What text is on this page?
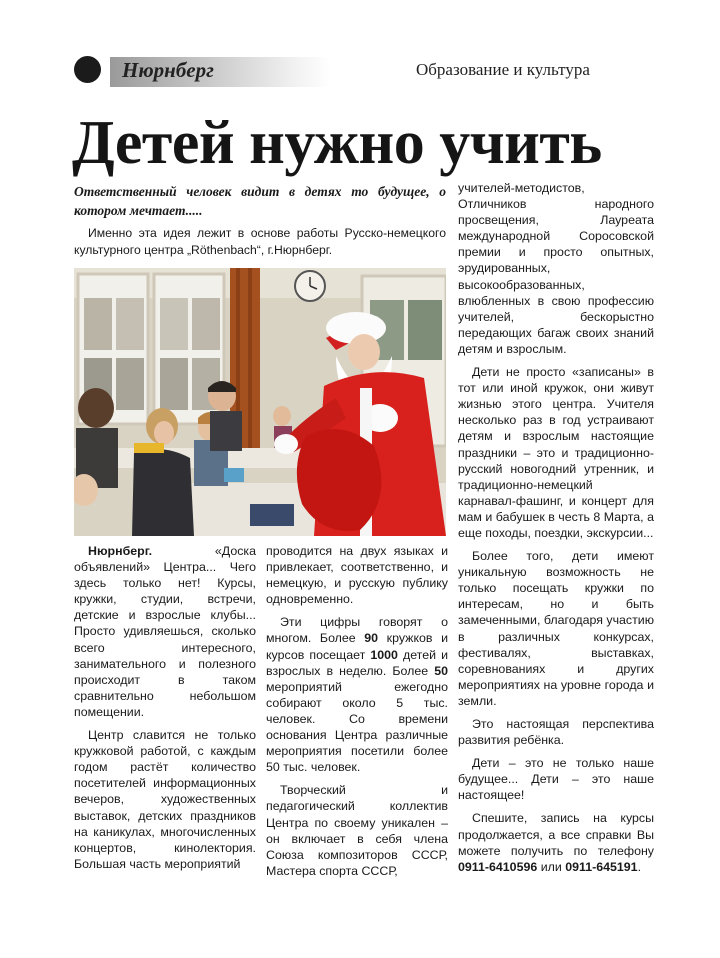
Нюрнберг	Образование и культура
Детей нужно учить
Ответственный человек видит в детях то будущее, о котором мечтает.....
Именно эта идея лежит в основе работы Русско-немецкого культурного центра „Röthenbach“, г.Нюрнберг.

Нюрнберг. «Доска объявлений» Центра... Чего здесь только нет! Курсы, кружки, студии, встречи, детские и взрослые клубы... Просто удивляешься, сколько всего интересного, занимательного и полезного происходит в таком сравнительно небольшом помещении.

Центр славится не только кружковой работой, с каждым годом растёт количество посетителей информационных вечеров, художественных выставок, детских праздников на каникулах, многочисленных концертов, кинолектория. Большая часть мероприятий

проводится на двух языках и привлекает, соответственно, и немецкую, и русскую публику одновременно.

Эти цифры говорят о многом. Более 90 кружков и курсов посещает 1000 детей и взрослых в неделю. Более 50 мероприятий ежегодно собирают около 5 тыс. человек. Со времени основания Центра различные мероприятия посетили более 50 тыс. человек.

Творческий и педагогический коллектив Центра по своему уникален – он включает в себя члена Союза композиторов СССР, Мастера спорта СССР,

учителей-методистов, Отличников народного просвещения, Лауреата международной Соросовской премии и просто опытных, эрудированных, высокообразованных, влюбленных в свою профессию учителей, бескорыстно передающих багаж своих знаний детям и взрослым.

Дети не просто «записаны» в тот или иной кружок, они живут жизнью этого центра. Учителя несколько раз в год устраивают детям и взрослым настоящие праздники – это и традиционно-русский новогодний утренник, и традиционно-немецкий карнавал-фашинг, и концерт для мам и бабушек в честь 8 Марта, а еще походы, поездки, экскурсии...

Более того, дети имеют уникальную возможность не только посещать кружки по интересам, но и быть замеченными, благодаря участию в различных конкурсах, фестивалях, выставках, соревнованиях и других мероприятиях на уровне города и земли.

Это настоящая перспектива развития ребёнка.

Дети – это не только наше будущее... Дети – это наше настоящее!

Спешите, запись на курсы продолжается, а все справки Вы можете получить по телефону 0911-6410596 или 0911-645191.
